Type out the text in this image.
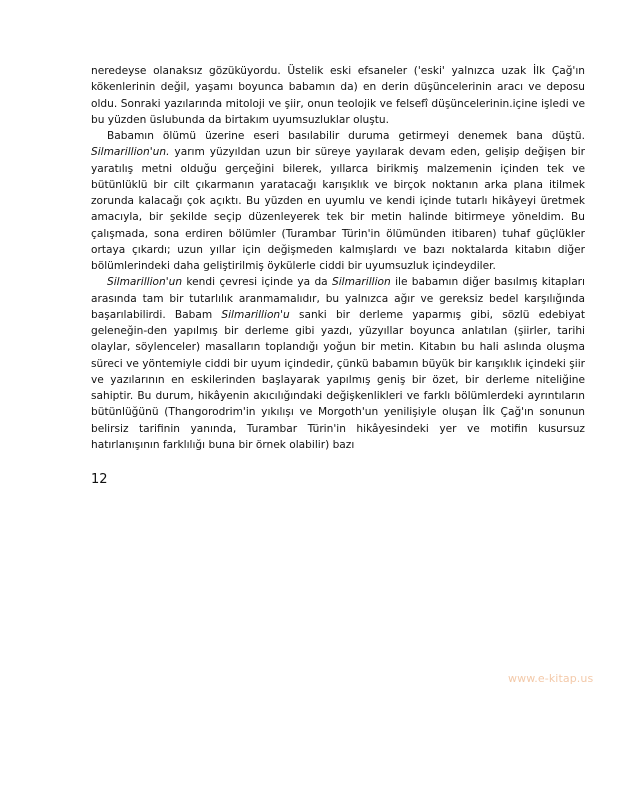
neredeyse olanaksız gözüküyordu. Üstelik eski efsaneler ('eski' yalnızca uzak İlk Çağ'ın kökenlerinin değil, yaşamı boyunca babamın da) en derin düşüncelerinin aracı ve deposu oldu. Sonraki yazılarında mitoloji ve şiir, onun teolojik ve felsefî düşüncelerinin.içine işledi ve bu yüzden üslubunda da birtakım uyumsuzluklar oluştu.

Babamın ölümü üzerine eseri basılabilir duruma getirmeyi denemek bana düştü. Silmarillion'un. yarım yüzyıldan uzun bir süreye yayılarak devam eden, gelişip değişen bir yaratılış metni olduğu gerçeğini bilerek, yıllarca birikmiş malzemenin içinden tek ve bütünlüklü bir cilt çıkarmanın yaratacağı karışıklık ve birçok noktanın arka plana itilmek zorunda kalacağı çok açıktı. Bu yüzden en uyumlu ve kendi içinde tutarlı hikâyeyi üretmek amacıyla, bir şekilde seçip düzenleyerek tek bir metin halinde bitirmeye yöneldim. Bu çalışmada, sona erdiren bölümler (Turambar Türin'in ölümünden itibaren) tuhaf güçlükler ortaya çıkardı; uzun yıllar için değişmeden kalmışlardı ve bazı noktalarda kitabın diğer bölümlerindeki daha geliştirilmiş öykülerle ciddi bir uyumsuzluk içindeydiler.

Silmarillion'un kendi çevresi içinde ya da Silmarillion ile babamın diğer basılmış kitapları arasında tam bir tutarlılık aranmamalıdır, bu yalnızca ağır ve gereksiz bedel karşılığında başarılabilirdi. Babam Silmarillion'u sanki bir derleme yaparmış gibi, sözlü edebiyat geleneğin-den yapılmış bir derleme gibi yazdı, yüzyıllar boyunca anlatılan (şiirler, tarihi olaylar, söylenceler) masalların toplandığı yoğun bir metin. Kitabın bu hali aslında oluşma süreci ve yöntemiyle ciddi bir uyum içindedir, çünkü babamın büyük bir karışıklık içindeki şiir ve yazılarının en eskilerinden başlayarak yapılmış geniş bir özet, bir derleme niteliğine sahiptir. Bu durum, hikâyenin akıcılığındaki değişkenlikleri ve farklı bölümlerdeki ayrıntıların bütünlüğünü (Thangorodrim'in yıkılışı ve Morgoth'un yenilişiyle oluşan İlk Çağ'ın sonunun belirsiz tarifinin yanında, Turambar Türin'in hikâyesindeki yer ve motifin kusursuz hatırlanışının farklılığı buna bir örnek olabilir) bazı

12
www.e-kitap.us
